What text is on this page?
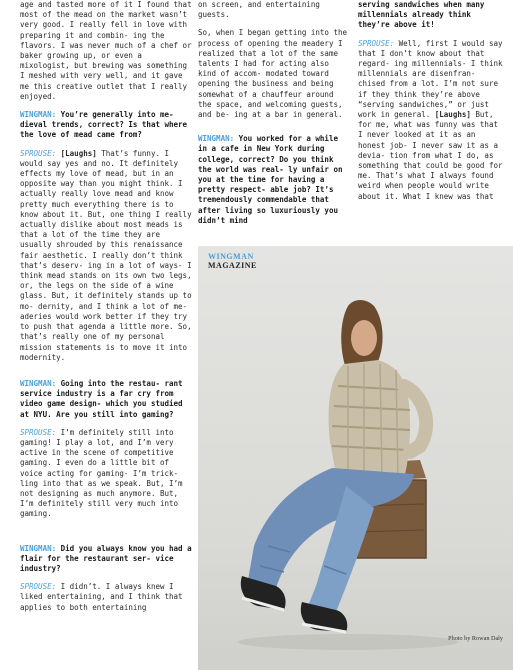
age and tasted more of it I found that most of the mead on the market wasn’t very good. I really fell in love with preparing it and combin- ing the flavors. I was never much of a chef or baker growing up, or even a mixologist, but brewing was something I meshed with very well, and it gave me this creative outlet that I really enjoyed.

WINGMAN: You’re generally into me- dieval trends, correct? Is that where the love of mead came from?

SPROUSE: [Laughs] That’s funny. I would say yes and no. It definitely effects my love of mead, but in an opposite way than you might think. I actually really love mead and know pretty much everything there is to know about it. But, one thing I really actually dislike about most meads is that a lot of the time they are usually shrouded by this renaissance fair aesthetic. I really don’t think that’s deserv- ing in a lot of ways- I think mead stands on its own two legs, or, the legs on the side of a wine glass. But, it definitely stands up to mo- dernity, and I think a lot of me- aderies would work better if they try to push that agenda a little more. So, that’s really one of my personal mission statements is to move it into modernity.

WINGMAN: Going into the restau- rant service industry is a far cry from video game design- which you studied at NYU. Are you still into gaming?

SPROUSE: I’m definitely still into gaming! I play a lot, and I’m very active in the scene of competitive gaming. I even do a little bit of voice acting for gaming- I’m trick- ling into that as we speak. But, I’m not designing as much anymore. But, I’m definitely still very much into gaming.

WINGMAN: Did you always know you had a flair for the restaurant ser- vice industry?

SPROUSE: I didn’t. I always knew I liked entertaining, and I think that applies to both entertaining

on screen, and entertaining guests.

So, when I began getting into the process of opening the meadery I realized that a lot of the same talents I had for acting also kind of accom- modated toward opening the business and being somewhat of a chauffeur around the space, and welcoming guests, and be- ing at a bar in general.

WINGMAN: You worked for a while in a cafe in New York during college, correct? Do you think the world was real- ly unfair on you at the time for having a pretty respect- able job? It’s tremendously commendable that after living so luxuriously you didn’t mind

serving sandwiches when many millennials already think they’re above it!

SPROUSE: Well, first I would say that I don’t know about that regard- ing millennials- I think millennials are disenfran- chised from a lot. I’m not sure if they think they’re above “serving sandwiches,” or just work in general. [Laughs] But, for me, what was funny was that I never looked at it as an honest job- I never saw it as a devia- tion from what I do, as something that could be good for me. That’s what I always found weird when people would write about it. What I knew was that

WINGMAN
MAGAZINE
Photo by Rowan Daly
